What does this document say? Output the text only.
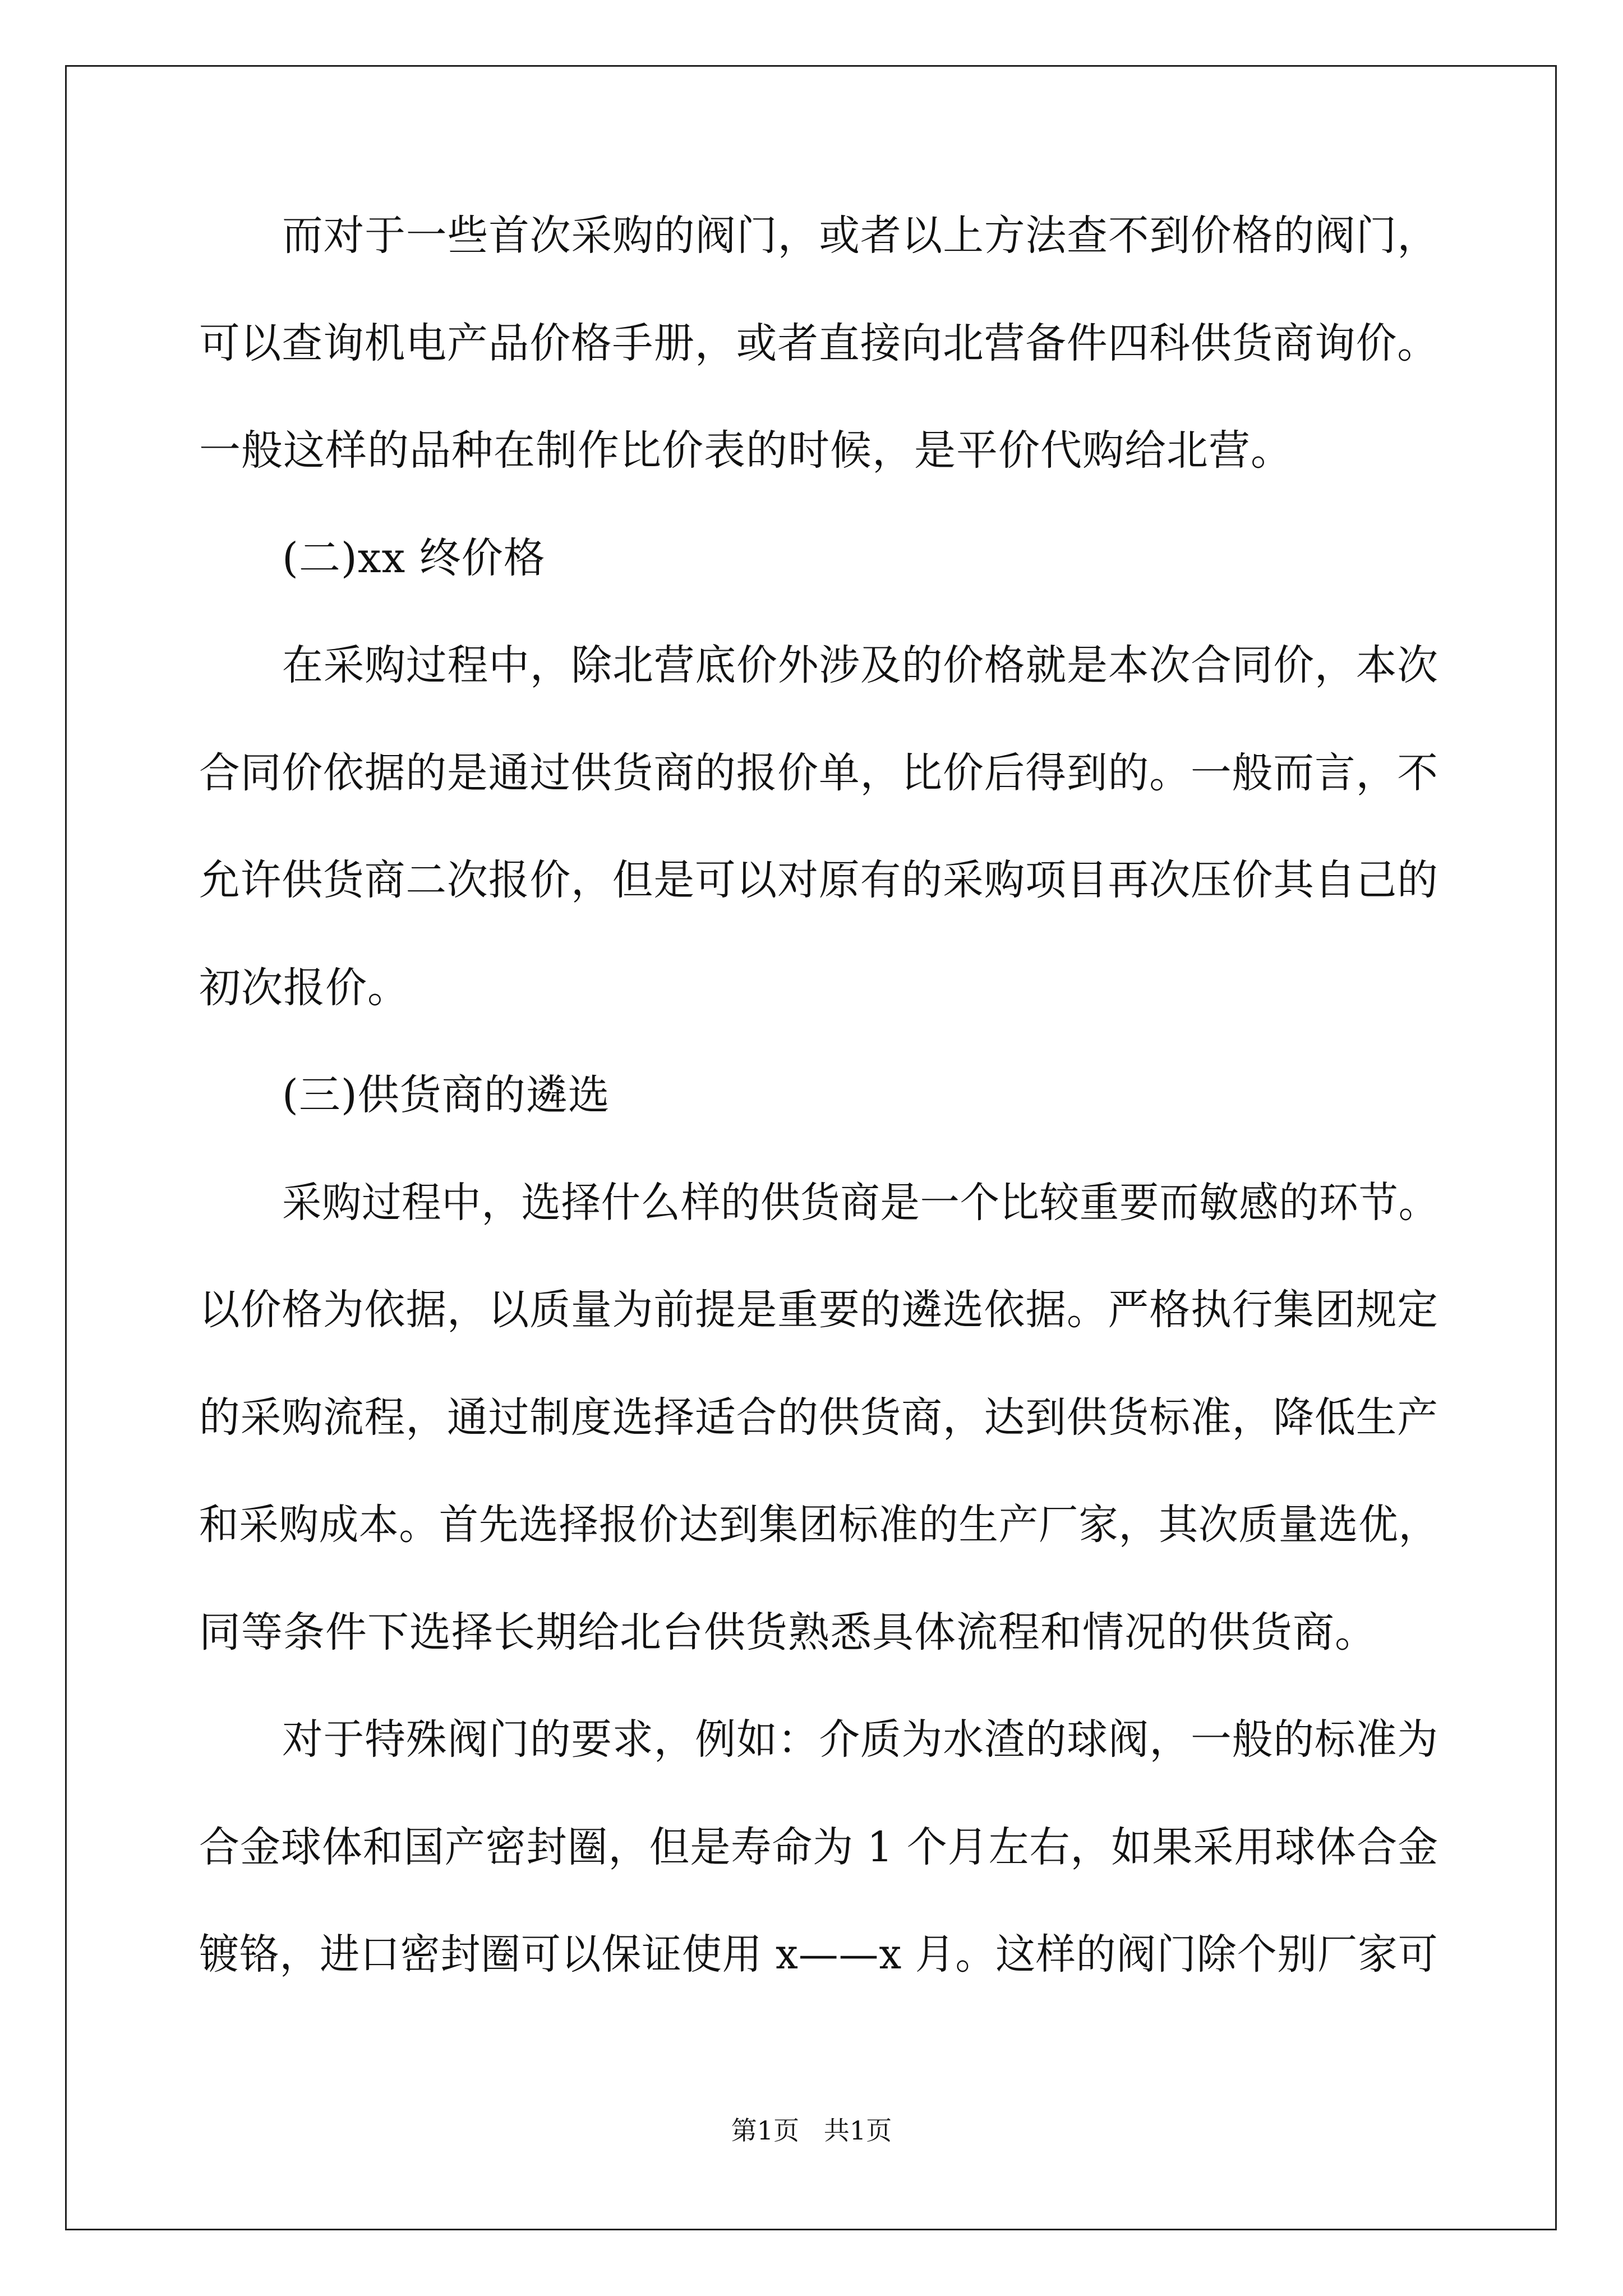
而对于一些首次采购的阀门，或者以上方法查不到价格的阀门，
可以查询机电产品价格手册，或者直接向北营备件四科供货商询价。
一般这样的品种在制作比价表的时候，是平价代购给北营。
(二)xx 终价格
在采购过程中，除北营底价外涉及的价格就是本次合同价，本次
合同价依据的是通过供货商的报价单，比价后得到的。一般而言，不
允许供货商二次报价，但是可以对原有的采购项目再次压价其自己的
初次报价。
(三)供货商的遴选
采购过程中，选择什么样的供货商是一个比较重要而敏感的环节。
以价格为依据，以质量为前提是重要的遴选依据。严格执行集团规定
的采购流程，通过制度选择适合的供货商，达到供货标准，降低生产
和采购成本。首先选择报价达到集团标准的生产厂家，其次质量选优，
同等条件下选择长期给北台供货熟悉具体流程和情况的供货商。
对于特殊阀门的要求，例如：介质为水渣的球阀，一般的标准为
合金球体和国产密封圈，但是寿命为 1 个月左右，如果采用球体合金
镀铬，进口密封圈可以保证使用 x——x 月。这样的阀门除个别厂家可
第1页   共1页
